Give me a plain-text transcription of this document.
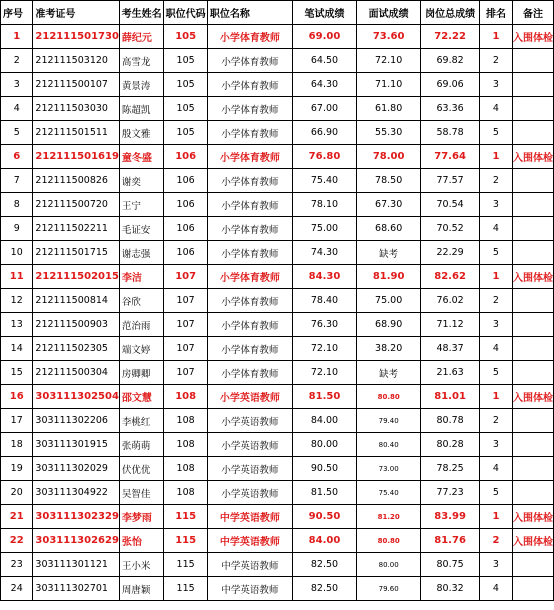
序号	准考证号	考生姓名	职位代码	职位名称	笔试成绩	面试成绩	岗位总成绩	排名	备注
1	212111501730	薛纪元	105	小学体育教师	69.00	73.60	72.22	1	入围体检
2	212111503120	高雪龙	105	小学体育教师	64.50	72.10	69.82	2	
3	212111500107	黄景涛	105	小学体育教师	64.30	71.10	69.06	3	
4	212111503030	陈超凯	105	小学体育教师	67.00	61.80	63.36	4	
5	212111501511	殷文雅	105	小学体育教师	66.90	55.30	58.78	5	
6	212111501619	童冬盛	106	小学体育教师	76.80	78.00	77.64	1	入围体检
7	212111500826	谢奕	106	小学体育教师	75.40	78.50	77.57	2	
8	212111500720	王宁	106	小学体育教师	78.10	67.30	70.54	3	
9	212111502211	毛证安	106	小学体育教师	75.00	68.60	70.52	4	
10	212111501715	谢志强	106	小学体育教师	74.30	缺考	22.29	5	
11	212111502015	李洁	107	小学体育教师	84.30	81.90	82.62	1	入围体检
12	212111500814	谷欣	107	小学体育教师	78.40	75.00	76.02	2	
13	212111500903	范治雨	107	小学体育教师	76.30	68.90	71.12	3	
14	212111502305	端文婷	107	小学体育教师	72.10	38.20	48.37	4	
15	212111500304	房卿卿	107	小学体育教师	72.10	缺考	21.63	5	
16	303111302504	邵文慧	108	小学英语教师	81.50	80.80	81.01	1	入围体检
17	303111302206	李桃红	108	小学英语教师	84.00	79.40	80.78	2	
18	303111301915	张萌萌	108	小学英语教师	80.00	80.40	80.28	3	
19	303111302029	伏优优	108	小学英语教师	90.50	73.00	78.25	4	
20	303111304922	吴智佳	108	小学英语教师	81.50	75.40	77.23	5	
21	303111302329	李梦雨	115	中学英语教师	90.50	81.20	83.99	1	入围体检
22	303111302629	张怡	115	中学英语教师	84.00	80.80	81.76	2	入围体检
23	303111301121	王小米	115	中学英语教师	82.50	80.00	80.75	3	
24	303111302701	周唐颖	115	中学英语教师	82.50	79.60	80.32	4	
